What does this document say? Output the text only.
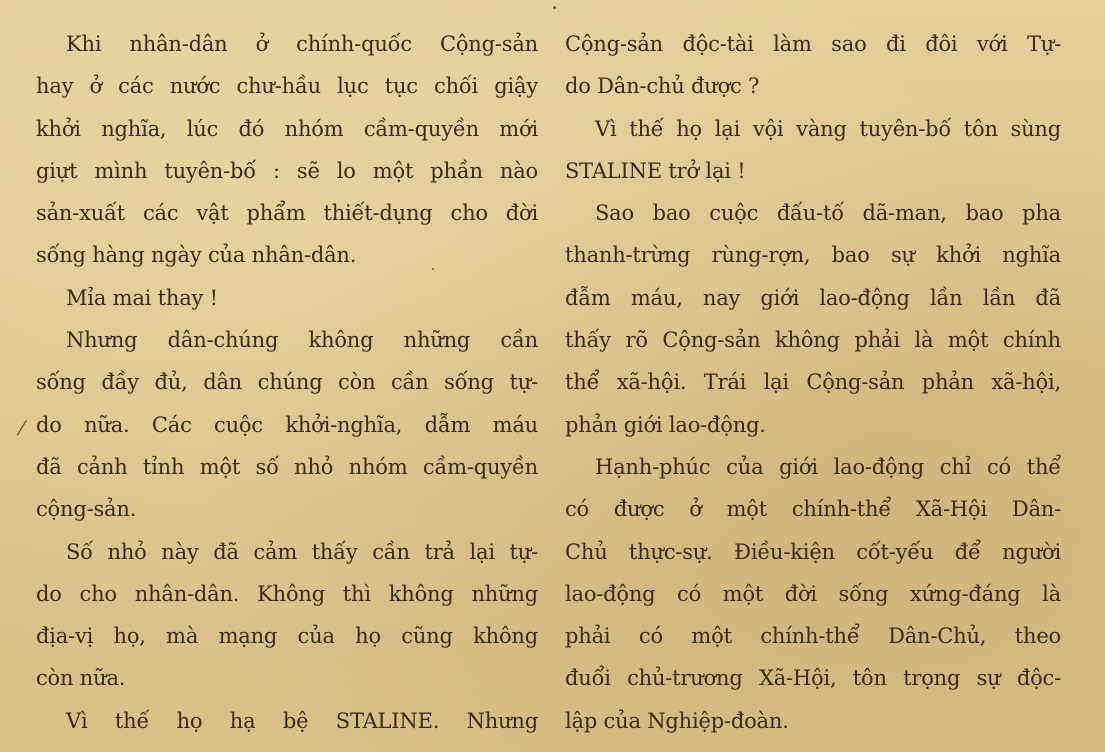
⁄
Khi nhân-dân ở chính-quốc Cộng-sản
hay ở các nước chư-hầu lục tục chối giậy
khởi nghĩa, lúc đó nhóm cầm-quyền mới
giựt mình tuyên-bố : sẽ lo một phần nào
sản-xuất các vật phẩm thiết-dụng cho đời
sống hàng ngày của nhân-dân.
Mỉa mai thay !
Nhưng dân-chúng không những cần
sống đầy đủ, dân chúng còn cần sống tự-
do nữa. Các cuộc khởi-nghĩa, dẫm máu
đã cảnh tỉnh một số nhỏ nhóm cầm-quyền
cộng-sản.
Số nhỏ này đã cảm thấy cần trả lại tự-
do cho nhân-dân. Không thì không những
địa-vị họ, mà mạng của họ cũng không
còn nữa.
Vì thế họ hạ bệ STALINE. Nhưng
Cộng-sản độc-tài làm sao đi đôi với Tự-
do Dân-chủ được ?
Vì thế họ lại vội vàng tuyên-bố tôn sùng
STALINE trở lại !
Sao bao cuộc đấu-tố dã-man, bao pha
thanh-trừng rùng-rợn, bao sự khởi nghĩa
đẫm máu, nay giới lao-động lần lần đã
thấy rõ Cộng-sản không phải là một chính
thể xã-hội. Trái lại Cộng-sản phản xã-hội,
phản giới lao-động.
Hạnh-phúc của giới lao-động chỉ có thể
có được ở một chính-thể Xã-Hội Dân-
Chủ thực-sự. Điều-kiện cốt-yếu để người
lao-động có một đời sống xứng-đáng là
phải có một chính-thể Dân-Chủ, theo
đuổi chủ-trương Xã-Hội, tôn trọng sự độc-
lập của Nghiệp-đoàn.
